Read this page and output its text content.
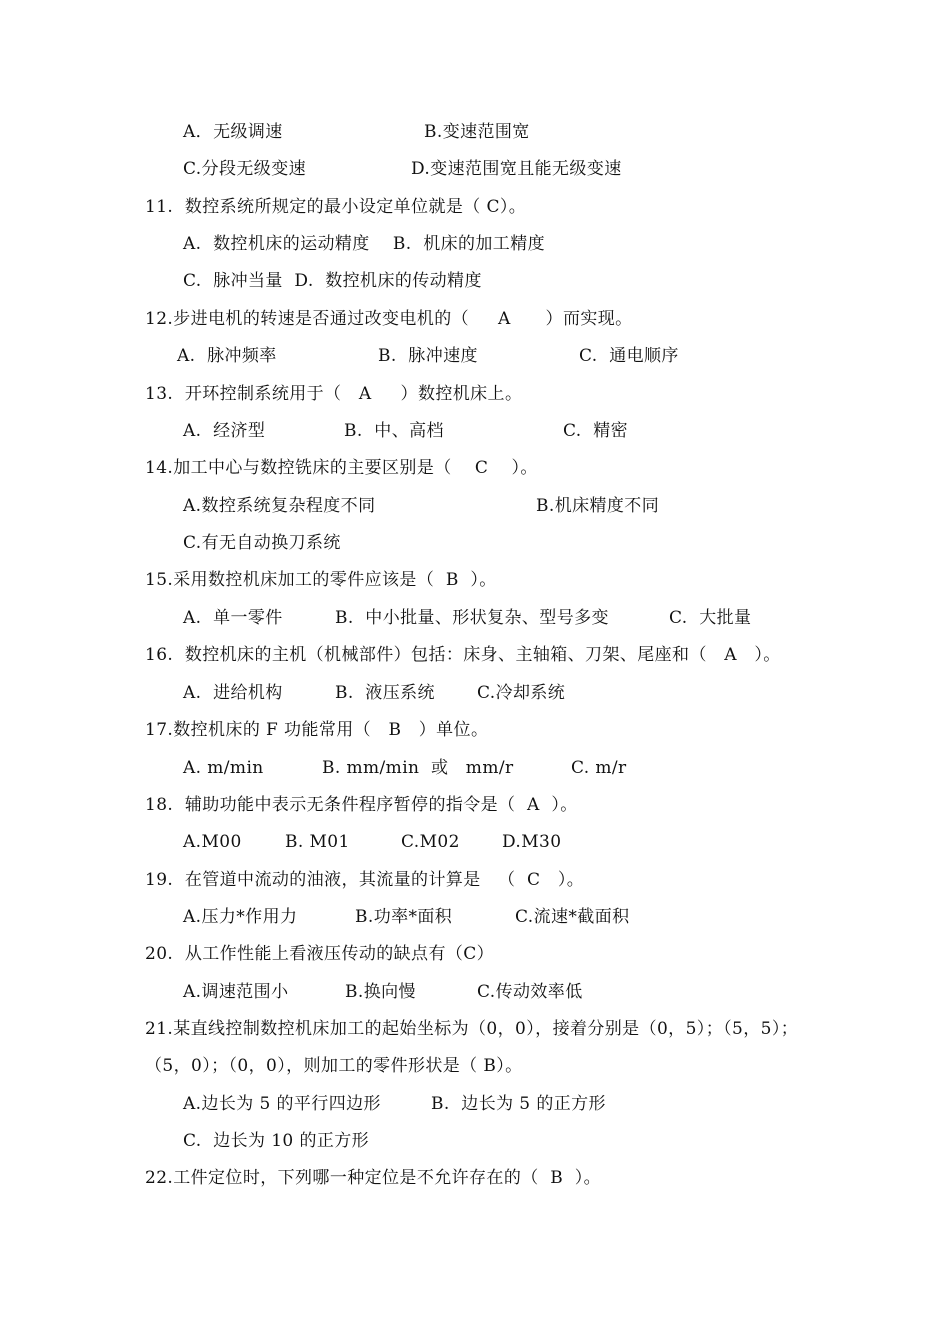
A．无级调速	B.变速范围宽
C.分段无级变速	D.变速范围宽且能无级变速
11.  数控系统所规定的最小设定单位就是（ C）。
A.  数控机床的运动精度    B.  机床的加工精度
C.  脉冲当量  D.  数控机床的传动精度
12.步进电机的转速是否通过改变电机的（     A      ）而实现。
A.  脉冲频率	B.  脉冲速度	C.  通电顺序
13.  开环控制系统用于（   A     ）数控机床上。
A.  经济型	B.  中、高档	C.  精密
14.加工中心与数控铣床的主要区别是（    C    ）。
A.数控系统复杂程度不同	B.机床精度不同
C.有无自动换刀系统
15.采用数控机床加工的零件应该是（  B  ）。
A.  单一零件	B.  中小批量、形状复杂、型号多变	C.  大批量
16.  数控机床的主机（机械部件）包括：床身、主轴箱、刀架、尾座和（   A   ）。
A.  进给机构	B.  液压系统 C.冷却系统
17.数控机床的 F 功能常用（   B   ）单位。
A. m/min	B. mm/min  或   mm/r	C. m/r
18.  辅助功能中表示无条件程序暂停的指令是（  A  ）。
A.M00	B. M01	C.M02 D.M30
19.  在管道中流动的油液，其流量的计算是   （  C   ）。
A.压力*作用力	B.功率*面积	C.流速*截面积
20.  从工作性能上看液压传动的缺点有（C）
A.调速范围小	B.换向慢	C.传动效率低
21.某直线控制数控机床加工的起始坐标为（0，0），接着分别是（0，5）；（5，5）；
（5，0）；（0，0），则加工的零件形状是（ B）。
A.边长为 5 的平行四边形	B.  边长为 5 的正方形
C.  边长为 10 的正方形
22.工件定位时，下列哪一种定位是不允许存在的（  B  ）。
